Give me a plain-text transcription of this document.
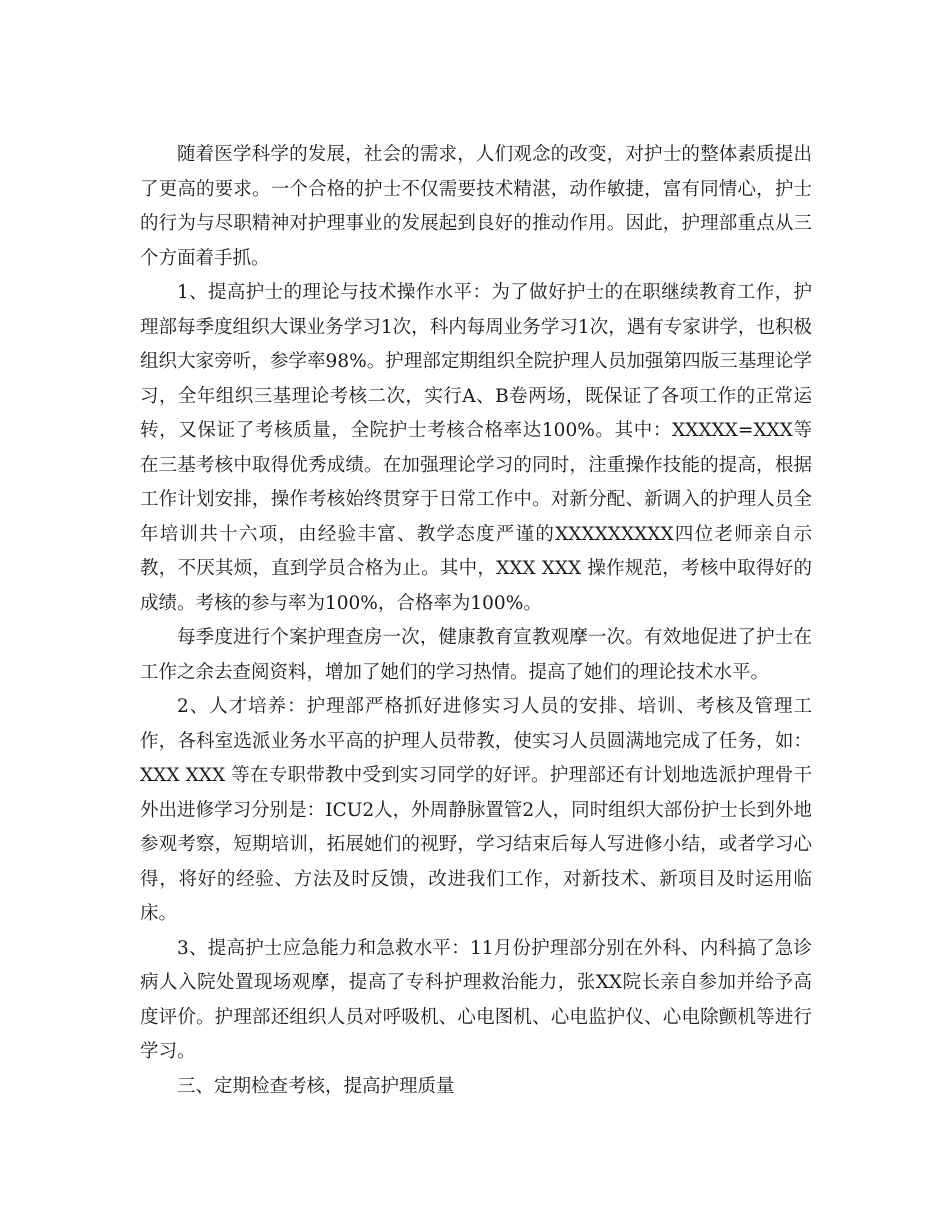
随着医学科学的发展，社会的需求，人们观念的改变，对护士的整体素质提出了更高的要求。一个合格的护士不仅需要技术精湛，动作敏捷，富有同情心，护士的行为与尽职精神对护理事业的发展起到良好的推动作用。因此，护理部重点从三个方面着手抓。

1、提高护士的理论与技术操作水平：为了做好护士的在职继续教育工作，护理部每季度组织大课业务学习1次，科内每周业务学习1次，遇有专家讲学，也积极组织大家旁听，参学率98%。护理部定期组织全院护理人员加强第四版三基理论学习，全年组织三基理论考核二次，实行A、B卷两场，既保证了各项工作的正常运转，又保证了考核质量，全院护士考核合格率达100%。其中：XXXXX=XXX等在三基考核中取得优秀成绩。在加强理论学习的同时，注重操作技能的提高，根据工作计划安排，操作考核始终贯穿于日常工作中。对新分配、新调入的护理人员全年培训共十六项，由经验丰富、教学态度严谨的XXXXXXXXX四位老师亲自示教，不厌其烦，直到学员合格为止。其中，XXX XXX 操作规范，考核中取得好的成绩。考核的参与率为100%，合格率为100%。

每季度进行个案护理查房一次，健康教育宣教观摩一次。有效地促进了护士在工作之余去查阅资料，增加了她们的学习热情。提高了她们的理论技术水平。

2、人才培养：护理部严格抓好进修实习人员的安排、培训、考核及管理工作，各科室选派业务水平高的护理人员带教，使实习人员圆满地完成了任务，如：XXX XXX 等在专职带教中受到实习同学的好评。护理部还有计划地选派护理骨干外出进修学习分别是：ICU2人，外周静脉置管2人，同时组织大部份护士长到外地参观考察，短期培训，拓展她们的视野，学习结束后每人写进修小结，或者学习心得，将好的经验、方法及时反馈，改进我们工作，对新技术、新项目及时运用临床。

3、提高护士应急能力和急救水平：11月份护理部分别在外科、内科搞了急诊病人入院处置现场观摩，提高了专科护理救治能力，张XX院长亲自参加并给予高度评价。护理部还组织人员对呼吸机、心电图机、心电监护仪、心电除颤机等进行学习。

三、定期检查考核，提高护理质量
